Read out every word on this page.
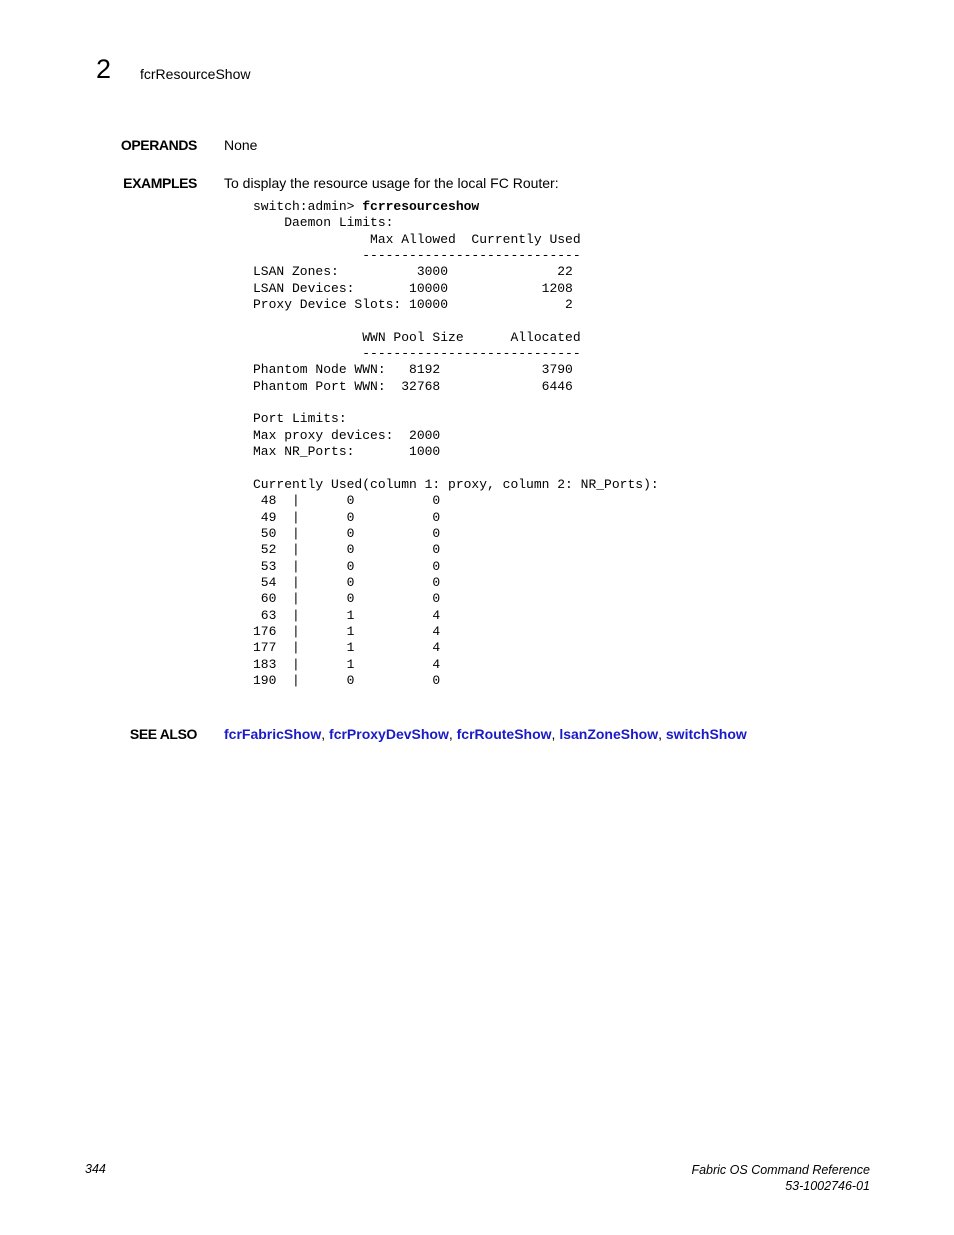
2 fcrResourceShow
OPERANDS None
EXAMPLES To display the resource usage for the local FC Router:
switch:admin> fcrresourceshow
Daemon Limits:
Max Allowed  Currently Used
----------------------------
LSAN Zones:          3000              22
LSAN Devices:       10000            1208
Proxy Device Slots: 10000               2

WWN Pool Size      Allocated
----------------------------
Phantom Node WWN:   8192             3790
Phantom Port WWN:  32768             6446

Port Limits:
Max proxy devices:  2000
Max NR_Ports:       1000

Currently Used(column 1: proxy, column 2: NR_Ports):
48  |      0          0
49  |      0          0
50  |      0          0
52  |      0          0
53  |      0          0
54  |      0          0
60  |      0          0
63  |      1          4
176  |      1          4
177  |      1          4
183  |      1          4
190  |      0          0
SEE ALSO fcrFabricShow, fcrProxyDevShow, fcrRouteShow, lsanZoneShow, switchShow
344	Fabric OS Command Reference
53-1002746-01
